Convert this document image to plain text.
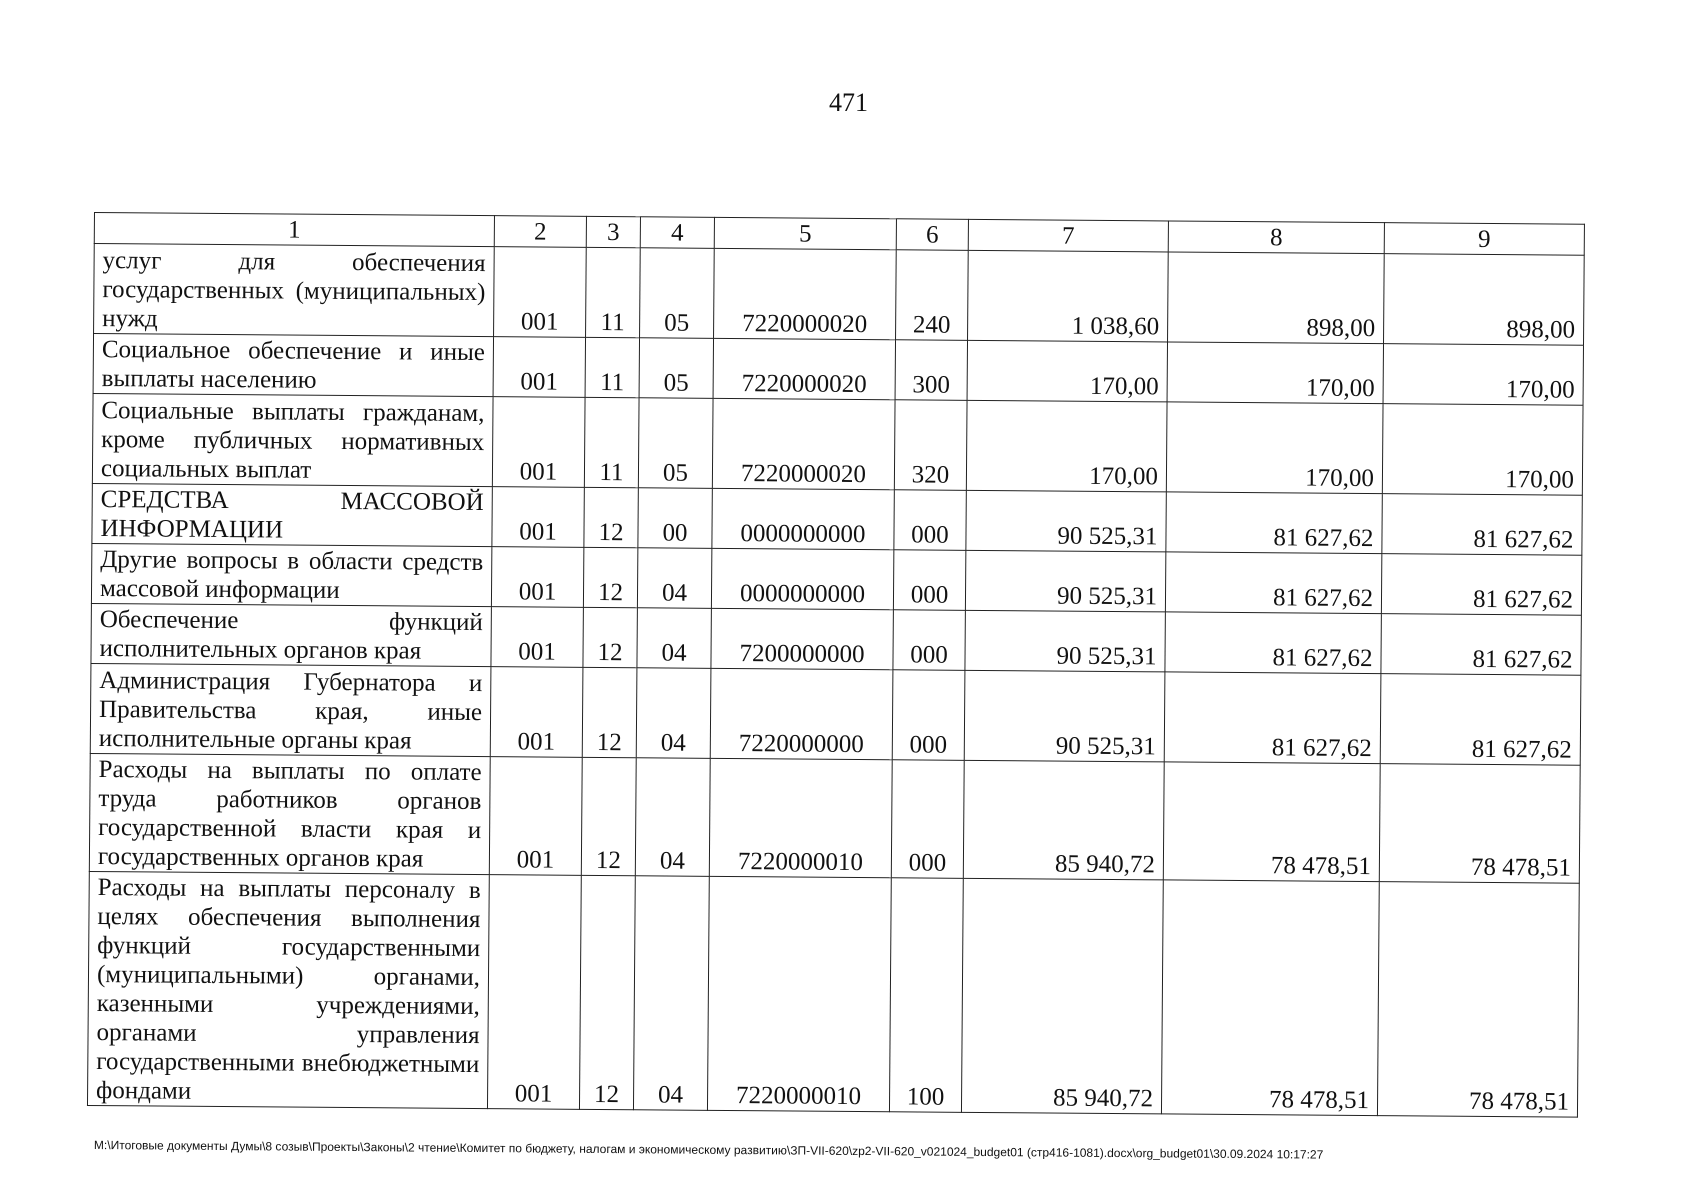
471
1	2	3	4	5	6	7	8	9
услуг для обеспечения государственных (муниципальных) нужд	001	11	05	7220000020	240	1 038,60	898,00	898,00
Социальное обеспечение и иные выплаты населению	001	11	05	7220000020	300	170,00	170,00	170,00
Социальные выплаты гражданам, кроме публичных нормативных социальных выплат	001	11	05	7220000020	320	170,00	170,00	170,00
СРЕДСТВА МАССОВОЙ ИНФОРМАЦИИ	001	12	00	0000000000	000	90 525,31	81 627,62	81 627,62
Другие вопросы в области средств массовой информации	001	12	04	0000000000	000	90 525,31	81 627,62	81 627,62
Обеспечение функций исполнительных органов края	001	12	04	7200000000	000	90 525,31	81 627,62	81 627,62
Администрация Губернатора и Правительства края, иные исполнительные органы края	001	12	04	7220000000	000	90 525,31	81 627,62	81 627,62
Расходы на выплаты по оплате труда работников органов государственной власти края и государственных органов края	001	12	04	7220000010	000	85 940,72	78 478,51	78 478,51
Расходы на выплаты персоналу в целях обеспечения выполнения функций государственными (муниципальными) органами, казенными учреждениями, органами управления государственными внебюджетными фондами	001	12	04	7220000010	100	85 940,72	78 478,51	78 478,51
M:\Итоговые документы Думы\8 созыв\Проекты\Законы\2 чтение\Комитет по бюджету, налогам и экономическому развитию\ЗП-VII-620\zp2-VII-620_v021024_budget01 (стр416-1081).docx\org_budget01\30.09.2024 10:17:27
